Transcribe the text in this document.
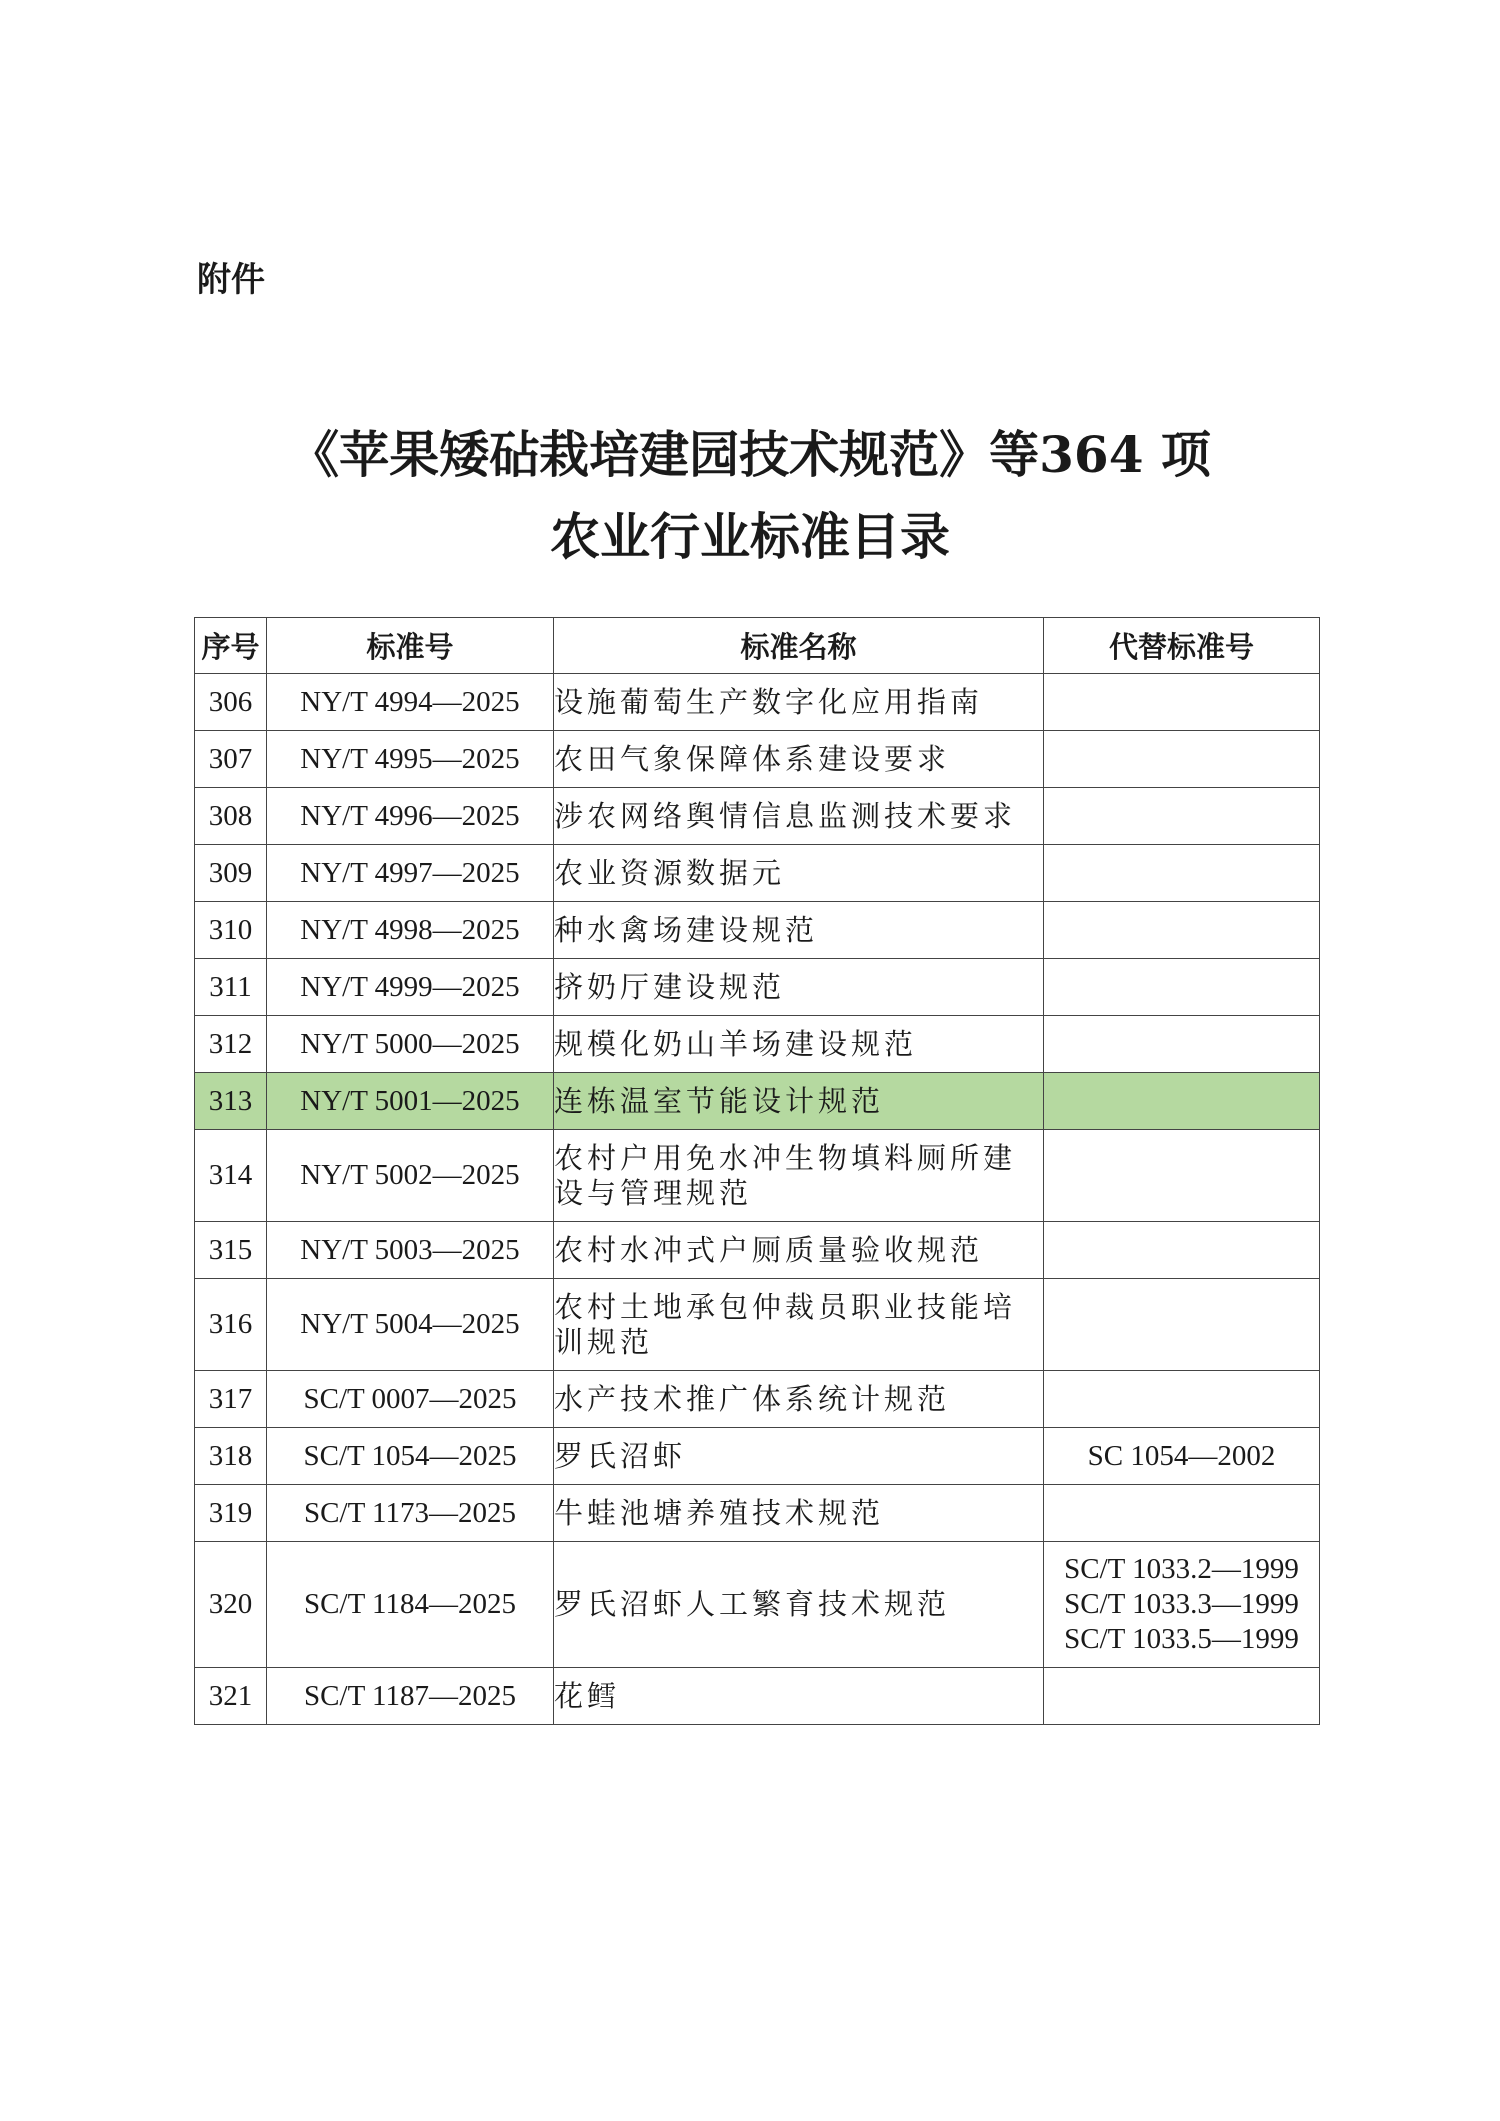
附件
《苹果矮砧栽培建园技术规范》等364 项
农业行业标准目录
序号	标准号	标准名称	代替标准号
306	NY/T 4994—2025	设施葡萄生产数字化应用指南	
307	NY/T 4995—2025	农田气象保障体系建设要求	
308	NY/T 4996—2025	涉农网络舆情信息监测技术要求	
309	NY/T 4997—2025	农业资源数据元	
310	NY/T 4998—2025	种水禽场建设规范	
311	NY/T 4999—2025	挤奶厅建设规范	
312	NY/T 5000—2025	规模化奶山羊场建设规范	
313	NY/T 5001—2025	连栋温室节能设计规范	
314	NY/T 5002—2025	农村户用免水冲生物填料厕所建设与管理规范	
315	NY/T 5003—2025	农村水冲式户厕质量验收规范	
316	NY/T 5004—2025	农村土地承包仲裁员职业技能培训规范	
317	SC/T 0007—2025	水产技术推广体系统计规范	
318	SC/T 1054—2025	罗氏沼虾	SC 1054—2002
319	SC/T 1173—2025	牛蛙池塘养殖技术规范	
320	SC/T 1184—2025	罗氏沼虾人工繁育技术规范	SC/T 1033.2—1999
SC/T 1033.3—1999
SC/T 1033.5—1999

321	SC/T 1187—2025	花鳕	
